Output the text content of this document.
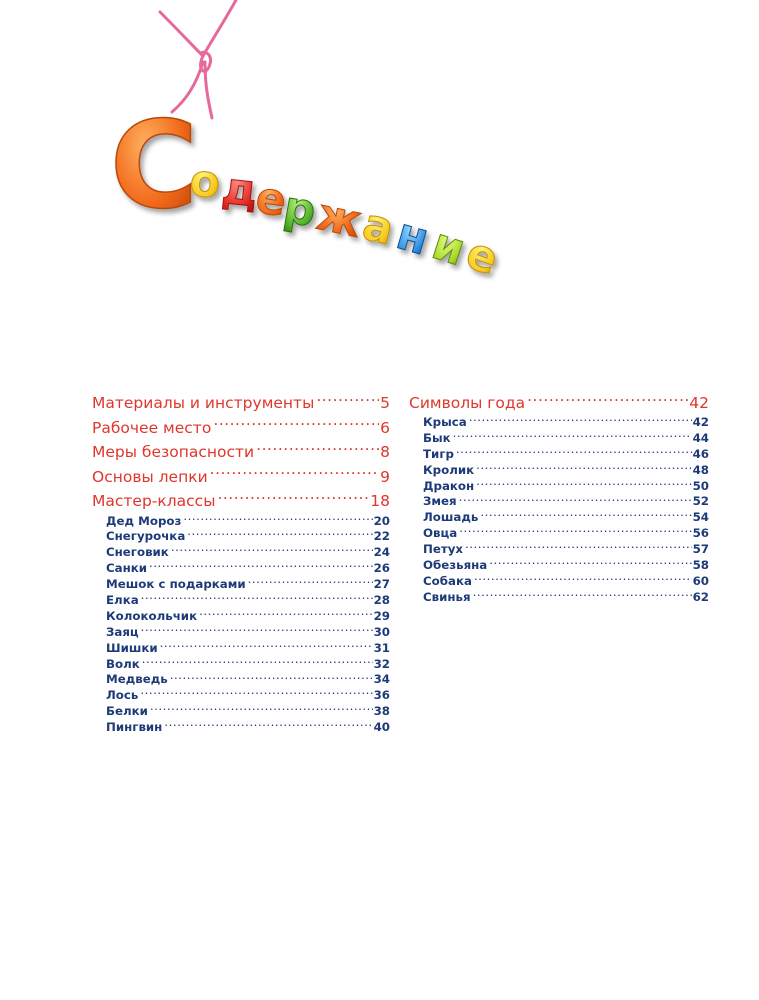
С
о
д
е
р
ж
а
н
и
е
Материалы и инструменты .....	5
Рабочее место .....	6
Меры безопасности .....	8
Основы лепки .....	9
Мастер-классы .....	18
Дед Мороз .....	20
Снегурочка .....	22
Снеговик .....	24
Санки .....	26
Мешок с подарками .....	27
Елка .....	28
Колокольчик .....	29
Заяц .....	30
Шишки .....	31
Волк .....	32
Медведь .....	34
Лось .....	36
Белки .....	38
Пингвин .....	40
Символы года .....	42
Крыса .....	42
Бык .....	44
Тигр .....	46
Кролик .....	48
Дракон .....	50
Змея .....	52
Лошадь .....	54
Овца .....	56
Петух .....	57
Обезьяна .....	58
Собака .....	60
Свинья .....	62
